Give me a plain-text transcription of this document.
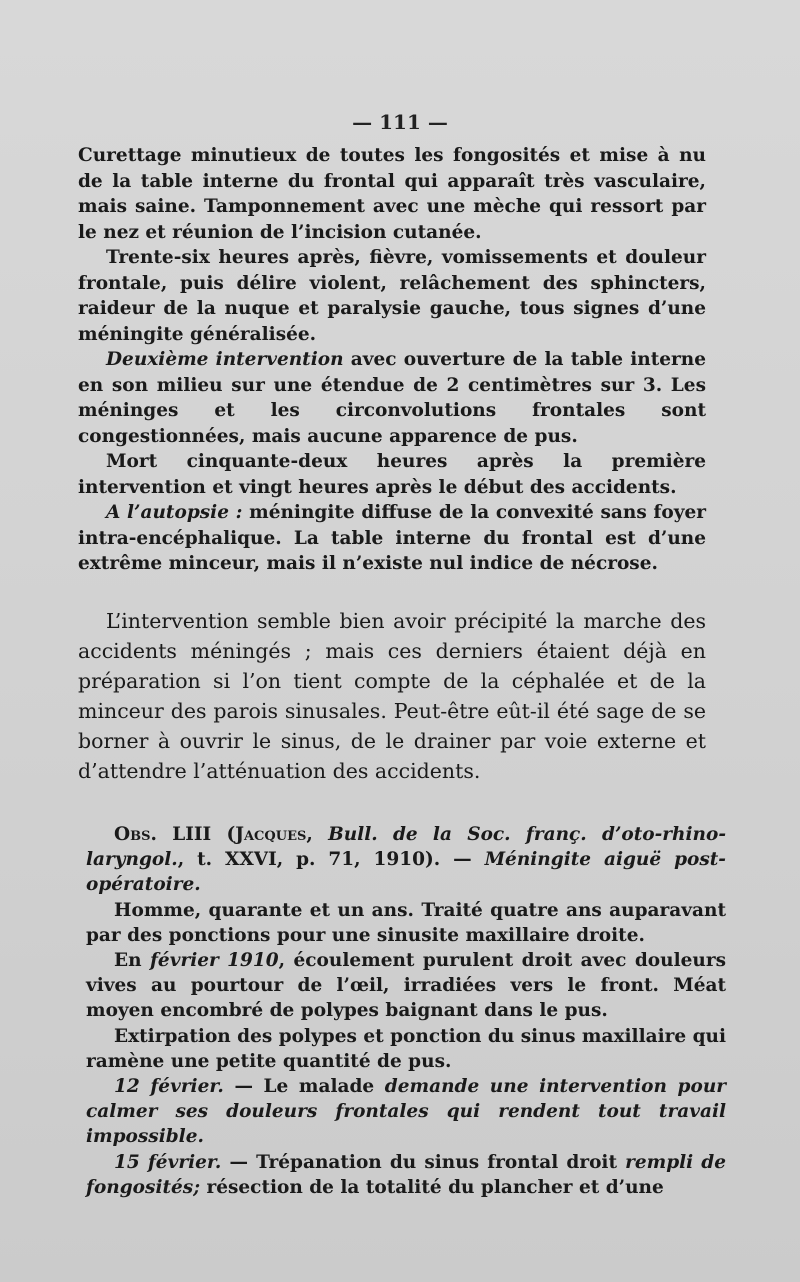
— 111 —

Curettage minutieux de toutes les fongosités et mise à nu de la table interne du frontal qui apparaît très vasculaire, mais saine. Tamponnement avec une mèche qui ressort par le nez et réunion de l’incision cutanée.

Trente-six heures après, fièvre, vomissements et douleur frontale, puis délire violent, relâchement des sphincters, raideur de la nuque et paralysie gauche, tous signes d’une méningite généralisée.

Deuxième intervention avec ouverture de la table interne en son milieu sur une étendue de 2 centimètres sur 3. Les méninges et les circonvolutions frontales sont congestionnées, mais aucune apparence de pus.

Mort cinquante-deux heures après la première intervention et vingt heures après le début des accidents.

A l’autopsie : méningite diffuse de la convexité sans foyer intra-encéphalique. La table interne du frontal est d’une extrême minceur, mais il n’existe nul indice de nécrose.

L’intervention semble bien avoir précipité la marche des accidents méningés ; mais ces derniers étaient déjà en préparation si l’on tient compte de la céphalée et de la minceur des parois sinusales. Peut-être eût-il été sage de se borner à ouvrir le sinus, de le drainer par voie externe et d’attendre l’atténuation des accidents.

Obs. LIII (Jacques, Bull. de la Soc. franç. d’oto-rhino-laryngol., t. XXVI, p. 71, 1910). — Méningite aiguë post-opératoire.

Homme, quarante et un ans. Traité quatre ans auparavant par des ponctions pour une sinusite maxillaire droite.

En février 1910, écoulement purulent droit avec douleurs vives au pourtour de l’œil, irradiées vers le front. Méat moyen encombré de polypes baignant dans le pus.

Extirpation des polypes et ponction du sinus maxillaire qui ramène une petite quantité de pus.

12 février. — Le malade demande une intervention pour calmer ses douleurs frontales qui rendent tout travail impossible.

15 février. — Trépanation du sinus frontal droit rempli de fongosités; résection de la totalité du plancher et d’une
